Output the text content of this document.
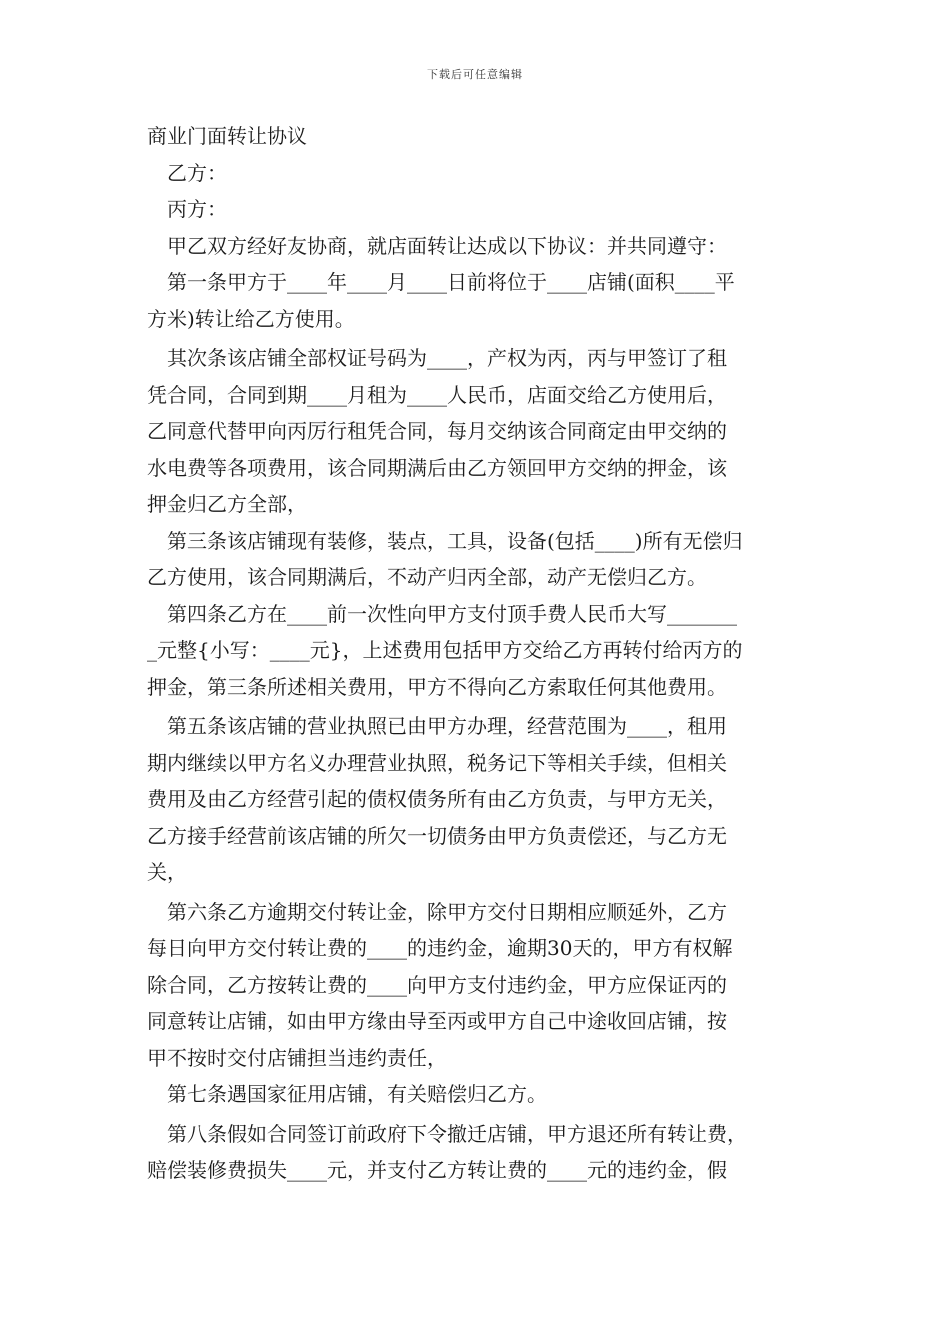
下载后可任意编辑
商业门面转让协议
乙方：
丙方：
甲乙双方经好友协商，就店面转让达成以下协议：并共同遵守：
第一条甲方于____年____月____日前将位于____店铺(面积____平
方米)转让给乙方使用。
其次条该店铺全部权证号码为____，产权为丙，丙与甲签订了租
凭合同，合同到期____月租为____人民币，店面交给乙方使用后，
乙同意代替甲向丙厉行租凭合同，每月交纳该合同商定由甲交纳的
水电费等各项费用，该合同期满后由乙方领回甲方交纳的押金，该
押金归乙方全部，
第三条该店铺现有装修，装点，工具，设备(包括____)所有无偿归
乙方使用，该合同期满后，不动产归丙全部，动产无偿归乙方。
第四条乙方在____前一次性向甲方支付顶手费人民币大写_______
_元整{小写：____元}，上述费用包括甲方交给乙方再转付给丙方的
押金，第三条所述相关费用，甲方不得向乙方索取任何其他费用。
第五条该店铺的营业执照已由甲方办理，经营范围为____，租用
期内继续以甲方名义办理营业执照，税务记下等相关手续，但相关
费用及由乙方经营引起的债权债务所有由乙方负责，与甲方无关，
乙方接手经营前该店铺的所欠一切债务由甲方负责偿还，与乙方无
关，
第六条乙方逾期交付转让金，除甲方交付日期相应顺延外，乙方
每日向甲方交付转让费的____的违约金，逾期30天的，甲方有权解
除合同，乙方按转让费的____向甲方支付违约金，甲方应保证丙的
同意转让店铺，如由甲方缘由导至丙或甲方自己中途收回店铺，按
甲不按时交付店铺担当违约责任，
第七条遇国家征用店铺，有关赔偿归乙方。
第八条假如合同签订前政府下令撤迁店铺，甲方退还所有转让费，
赔偿装修费损失____元，并支付乙方转让费的____元的违约金，假
